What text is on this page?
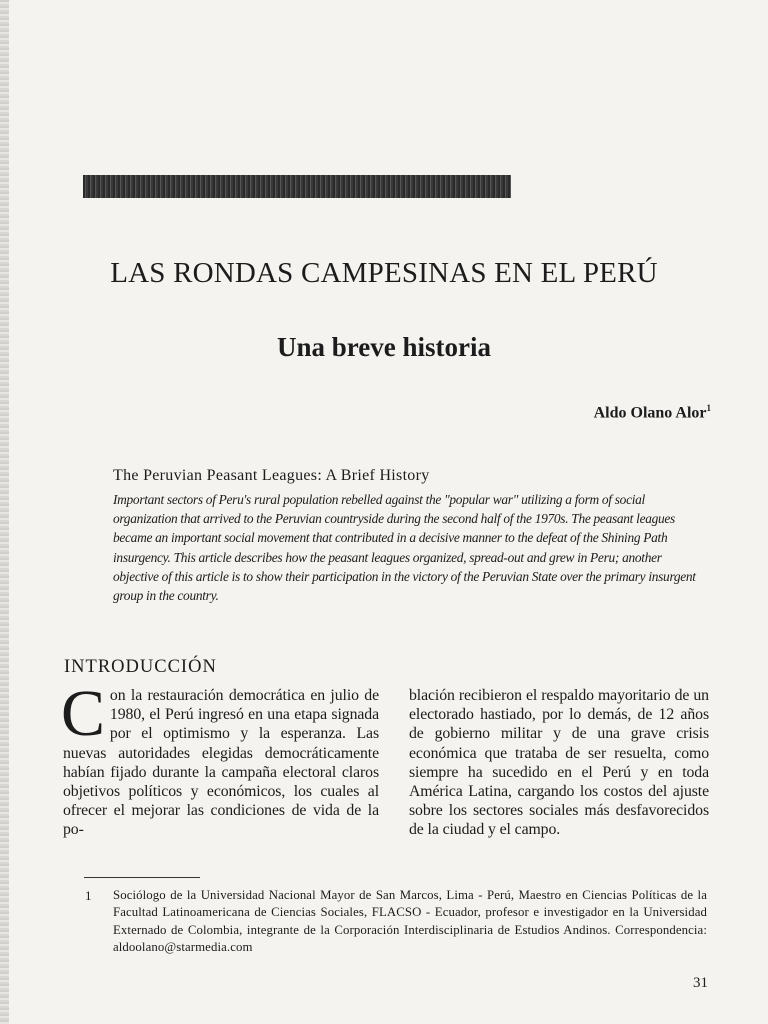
LAS RONDAS CAMPESINAS EN EL PERÚ
Una breve historia
Aldo Olano Alor$^1$
The Peruvian Peasant Leagues: A Brief History
Important sectors of Peru's rural population rebelled against the "popular war" utilizing a form of social organization that arrived to the Peruvian countryside during the second half of the 1970s. The peasant leagues became an important social movement that contributed in a decisive manner to the defeat of the Shining Path insurgency. This article describes how the peasant leagues organized, spread-out and grew in Peru; another objective of this article is to show their participation in the victory of the Peruvian State over the primary insurgent group in the country.
INTRODUCCIÓN
Con la restauración democrática en julio de 1980, el Perú ingresó en una etapa signada por el optimismo y la esperanza. Las nuevas autoridades elegidas democráticamente habían fijado durante la campaña electoral claros objetivos políticos y económicos, los cuales al ofrecer el mejorar las condiciones de vida de la po-
blación recibieron el respaldo mayoritario de un electorado hastiado, por lo demás, de 12 años de gobierno militar y de una grave crisis económica que trataba de ser resuelta, como siempre ha sucedido en el Perú y en toda América Latina, cargando los costos del ajuste sobre los sectores sociales más desfavorecidos de la ciudad y el campo.
1 Sociólogo de la Universidad Nacional Mayor de San Marcos, Lima - Perú, Maestro en Ciencias Políticas de la Facultad Latinoamericana de Ciencias Sociales, FLACSO - Ecuador, profesor e investigador en la Universidad Externado de Colombia, integrante de la Corporación Interdisciplinaria de Estudios Andinos. Correspondencia: aldoolano@starmedia.com
31
